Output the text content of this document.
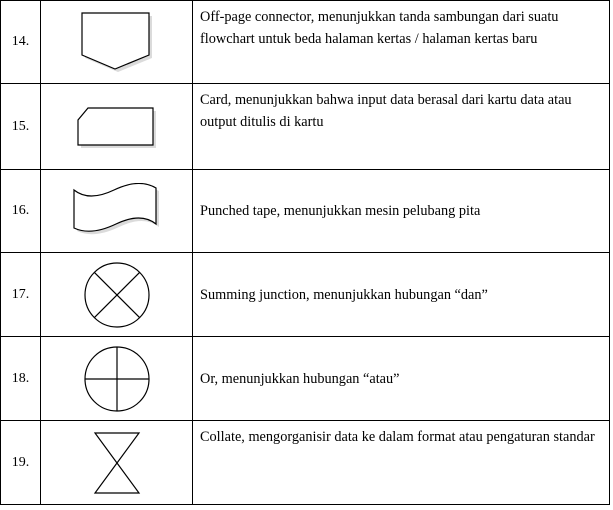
14.		Off-page connector, menunjukkan tanda sambungan dari suatu flowchart untuk beda halaman kertas / halaman kertas baru
15.		Card, menunjukkan bahwa input data berasal dari kartu data atau output ditulis di kartu
16.		Punched tape, menunjukkan mesin pelubang pita
17.		Summing junction, menunjukkan hubungan “dan”
18.		Or, menunjukkan hubungan “atau”
19.		Collate, mengorganisir data ke dalam format atau pengaturan standar
